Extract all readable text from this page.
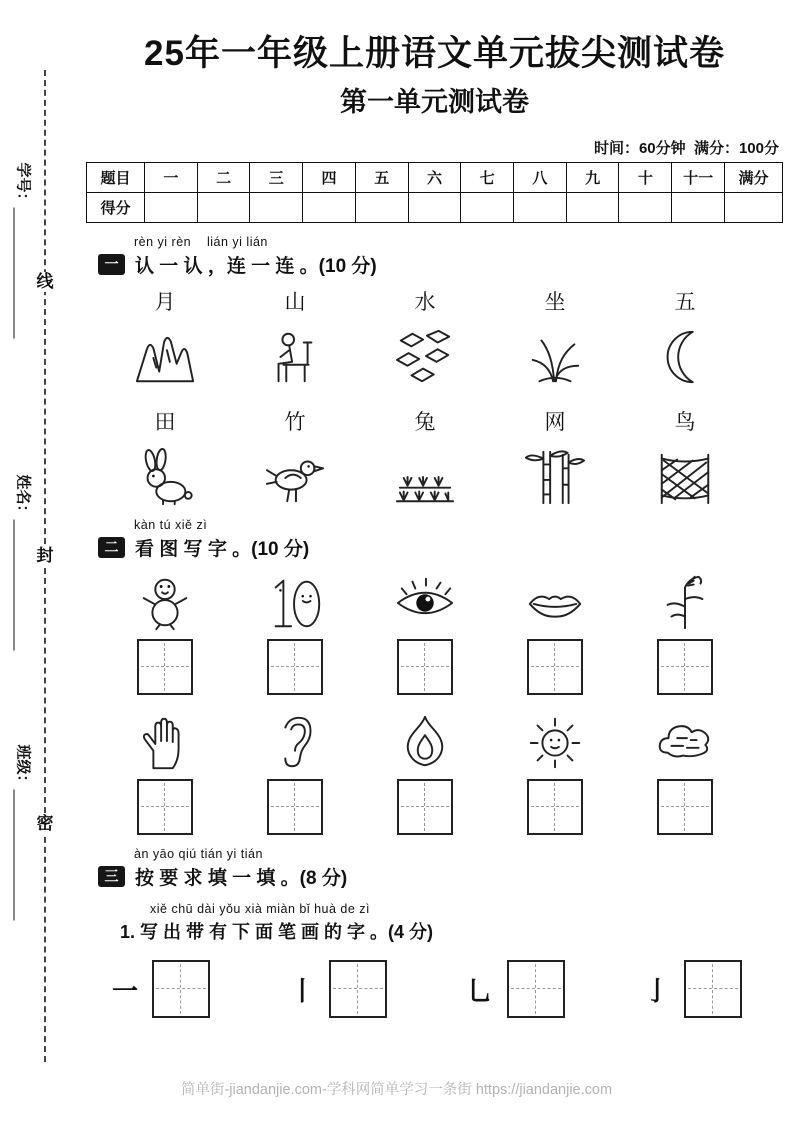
学号：
姓名：
班级：
线
封
密
25年一年级上册语文单元拔尖测试卷
第一单元测试卷
时间：60分钟  满分：100分
题目	一	二	三	四	五	六	七	八	九	十	十一	满分
得分												
rèn yi rèn    lián yi lián
一 认 一 认 ，连 一 连 。(10 分)
月	山	水	坐	五
田	竹	兔	网	鸟
kàn tú xiě zì
二 看 图 写 字 。(10 分)
àn yāo qiú tián yi tián
三 按 要 求 填 一 填 。(8 分)
xiě chū dài yǒu xià miàn bǐ huà de zì
1. 写 出 带 有 下 面 笔 画 的 字 。(4 分)
一	丨	乚	亅
简单街-jiandanjie.com-学科网简单学习一条街 https://jiandanjie.com
